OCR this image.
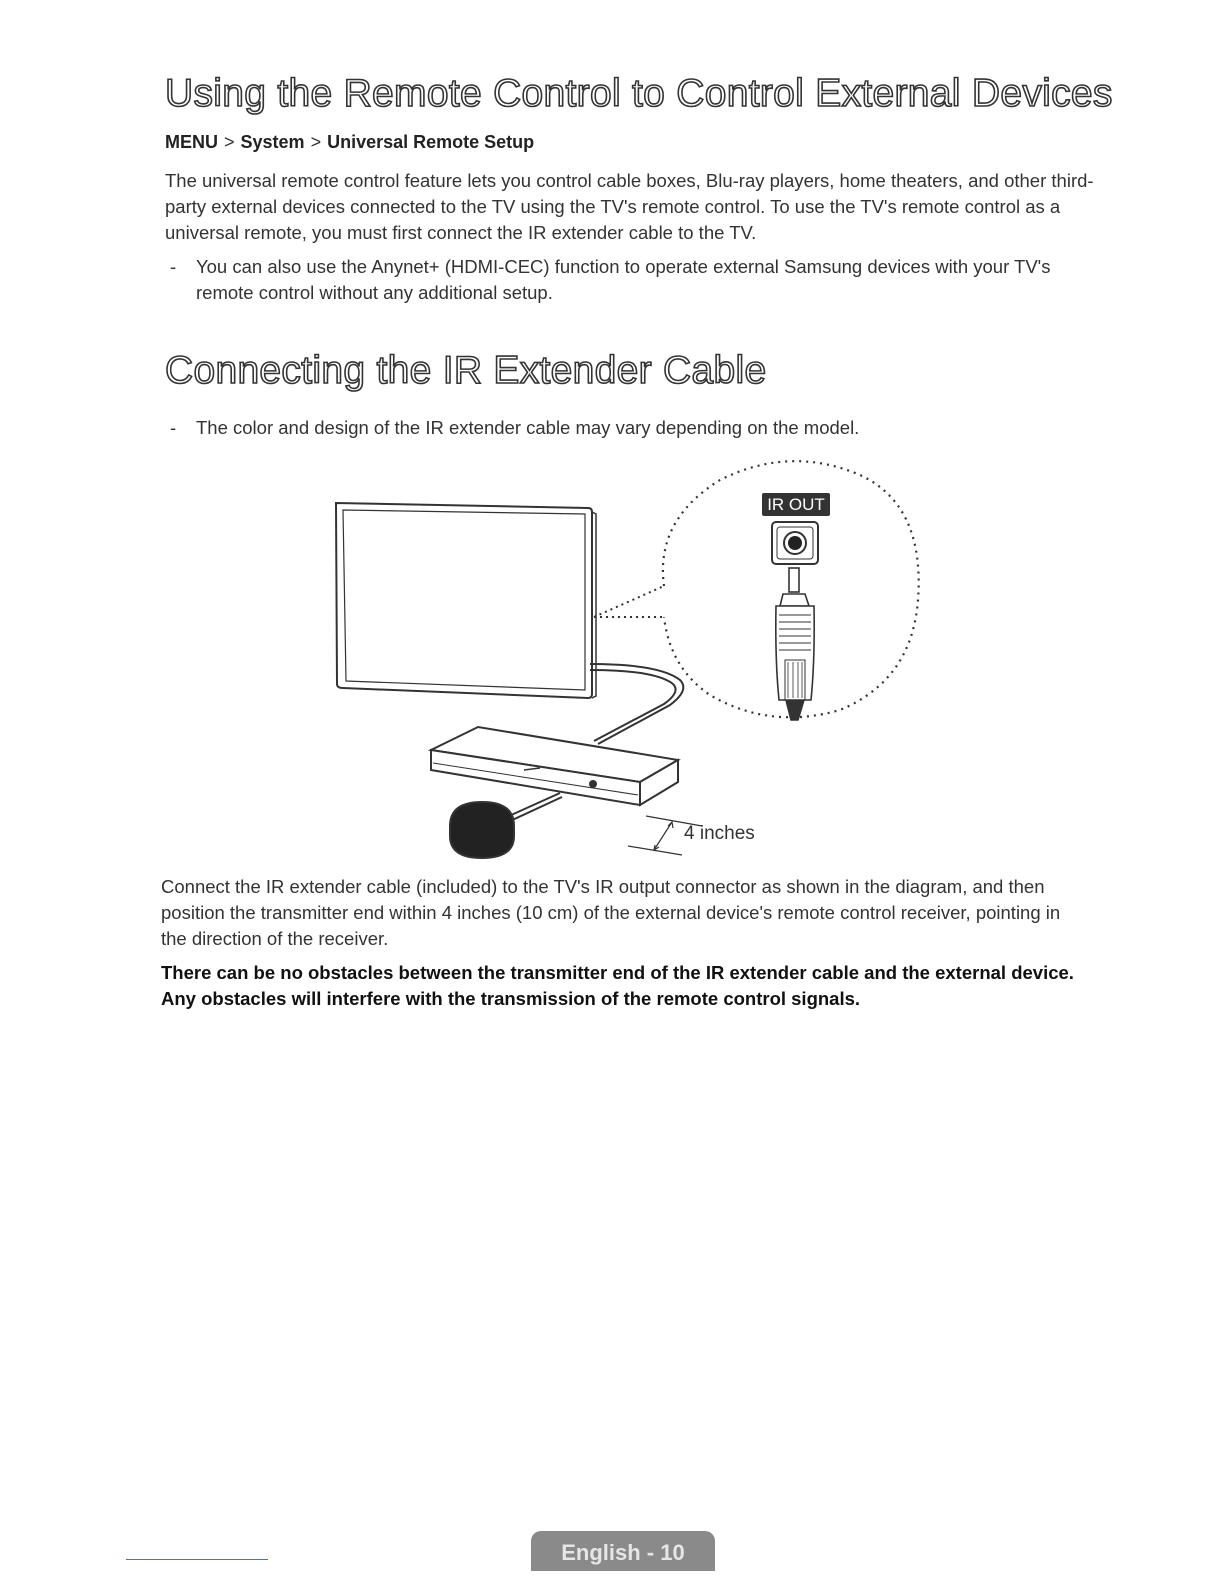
Using the Remote Control to Control External Devices
MENU > System > Universal Remote Setup

The universal remote control feature lets you control cable boxes, Blu-ray players, home theaters, and other third-party external devices connected to the TV using the TV's remote control. To use the TV's remote control as a universal remote, you must first connect the IR extender cable to the TV.

- You can also use the Anynet+ (HDMI-CEC) function to operate external Samsung devices with your TV's remote control without any additional setup.
Connecting the IR Extender Cable
- The color and design of the IR extender cable may vary depending on the model.
IR OUT
4 inches

Connect the IR extender cable (included) to the TV's IR output connector as shown in the diagram, and then position the transmitter end within 4 inches (10 cm) of the external device's remote control receiver, pointing in the direction of the receiver.

There can be no obstacles between the transmitter end of the IR extender cable and the external device. Any obstacles will interfere with the transmission of the remote control signals.

English - 10
